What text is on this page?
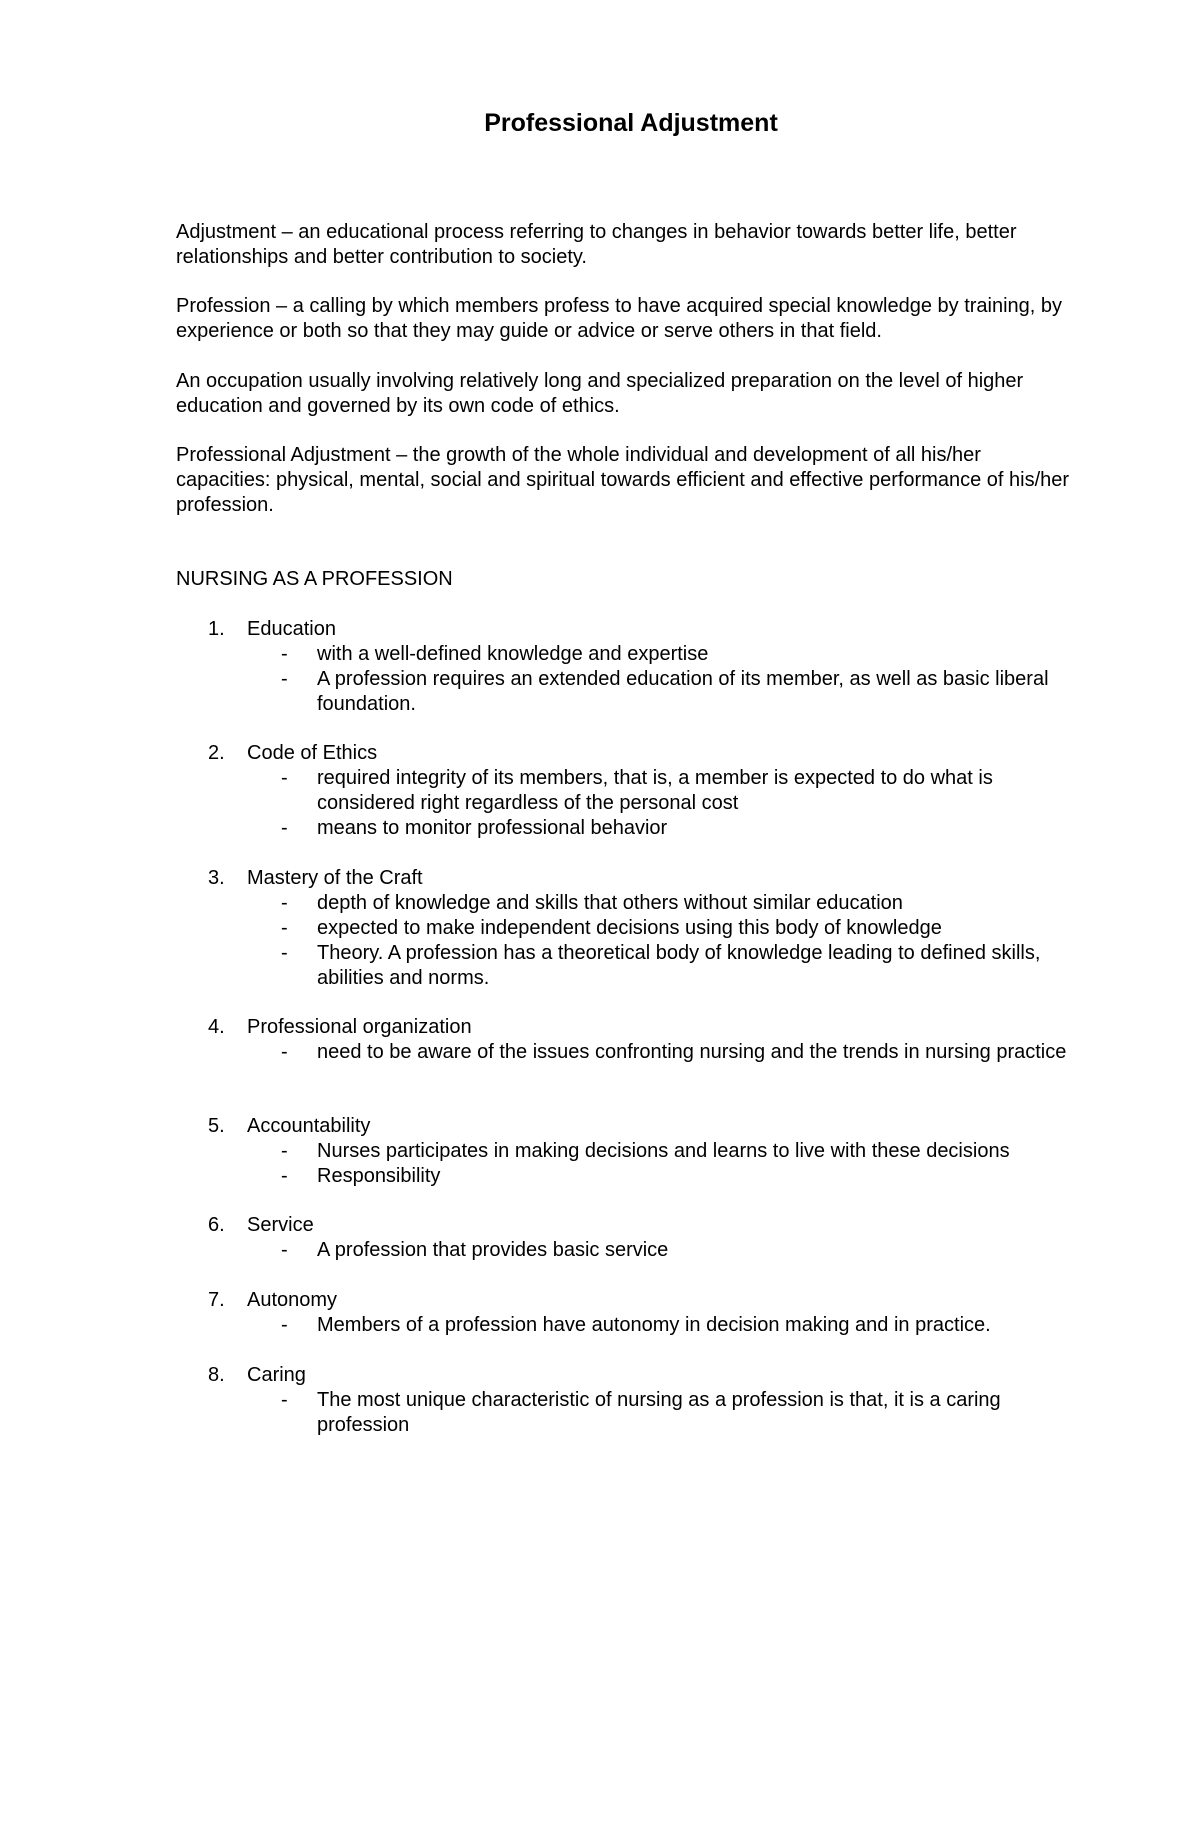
Professional Adjustment

Adjustment – an educational process referring to changes in behavior towards better life, better relationships and better contribution to society.

Profession – a calling by which members profess to have acquired special knowledge by training, by experience or both so that they may guide or advice or serve others in that field.

An occupation usually involving relatively long and specialized preparation on the level of higher education and governed by its own code of ethics.

Professional Adjustment – the growth of the whole individual and development of all his/her capacities: physical, mental, social and spiritual towards efficient and effective performance of his/her profession.

NURSING AS A PROFESSION
1.	Education
- with a well-defined knowledge and expertise
- A profession requires an extended education of its member, as well as basic liberal foundation.
2.	Code of Ethics
- required integrity of its members, that is, a member is expected to do what is considered right regardless of the personal cost
- means to monitor professional behavior
3.	Mastery of the Craft
- depth of knowledge and skills that others without similar education
- expected to make independent decisions using this body of knowledge
- Theory. A profession has a theoretical body of knowledge leading to defined skills, abilities and norms.
4.	Professional organization
- need to be aware of the issues confronting nursing and the trends in nursing practice
5.	Accountability
- Nurses participates in making decisions and learns to live with these decisions
- Responsibility
6.	Service
- A profession that provides basic service
7.	Autonomy
- Members of a profession have autonomy in decision making and in practice.
8.	Caring
- The most unique characteristic of nursing as a profession is that, it is a caring profession
